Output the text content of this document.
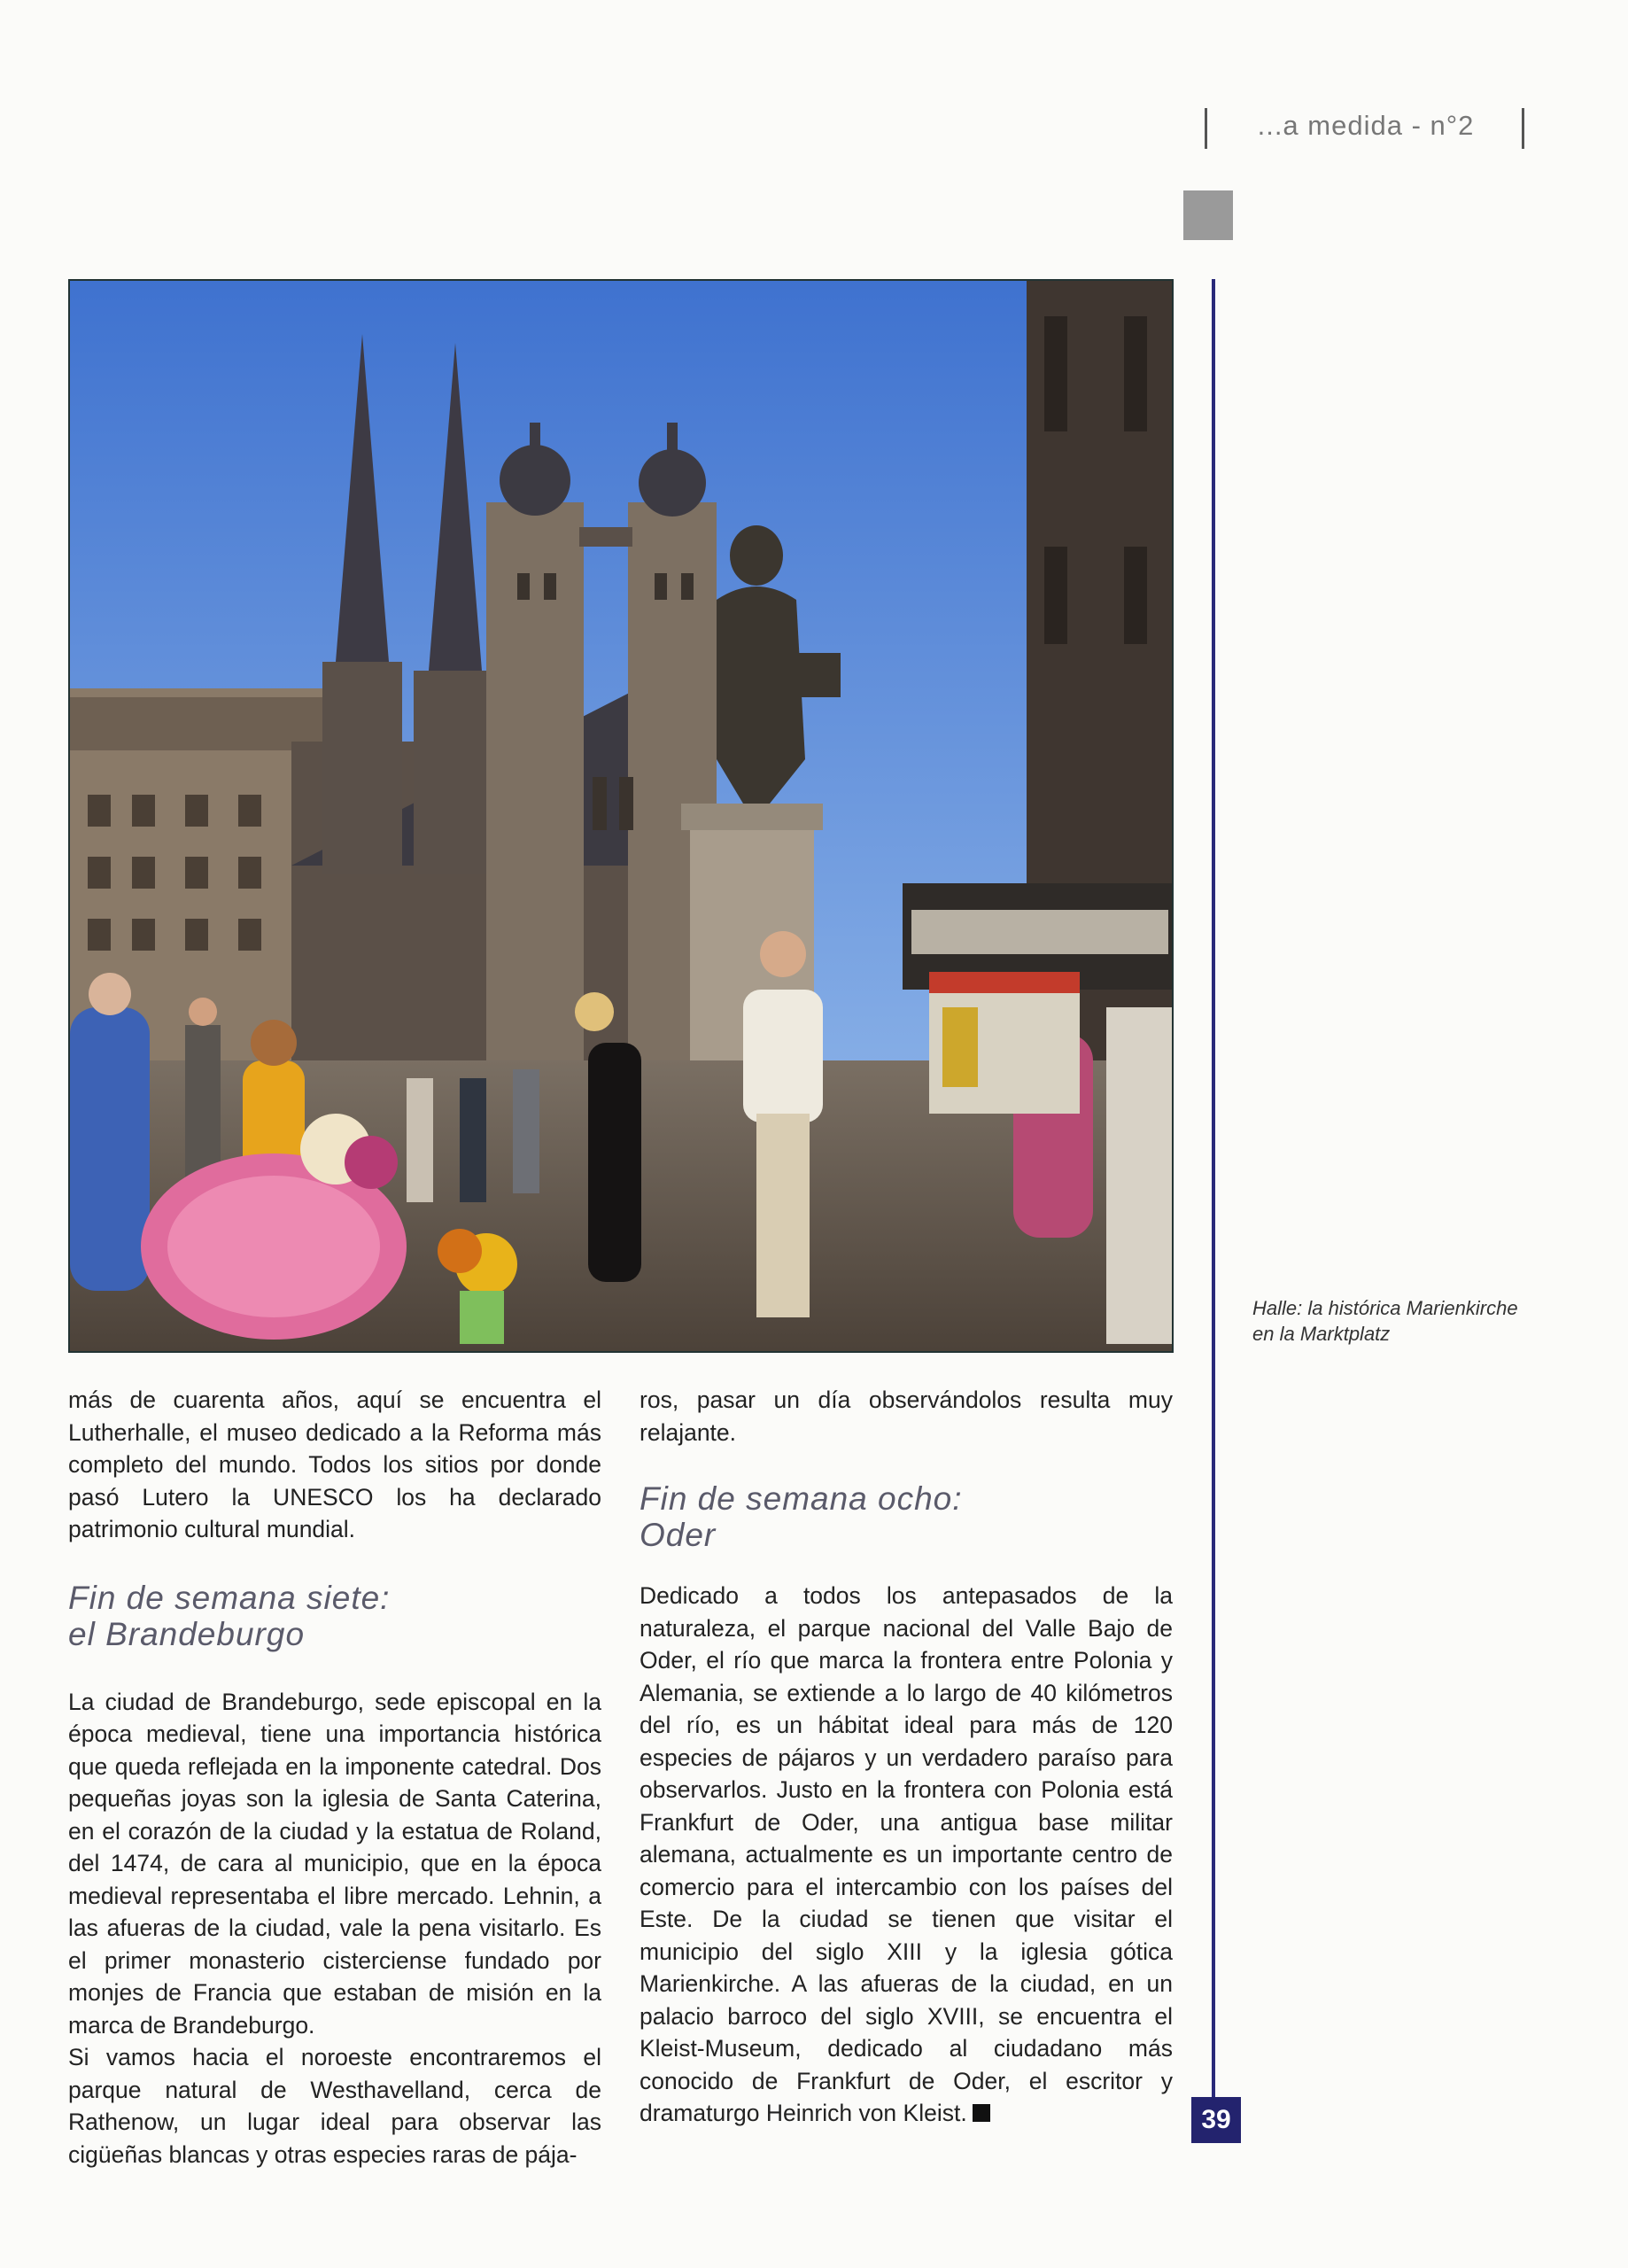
...a medida - n°2
39
Halle: la histórica Marienkirche
en la Marktplatz

más de cuarenta años, aquí se encuentra el Lutherhalle, el museo dedicado a la Reforma más completo del mundo. Todos los sitios por donde pasó Lutero la UNESCO los ha declarado patrimonio cultural mundial.

Fin de semana siete:
el Brandeburgo

La ciudad de Brandeburgo, sede episcopal en la época medieval, tiene una importancia histórica que queda reflejada en la imponente catedral. Dos pequeñas joyas son la iglesia de Santa Caterina, en el corazón de la ciudad y la estatua de Roland, del 1474, de cara al municipio, que en la época medieval representaba el libre mercado. Lehnin, a las afueras de la ciudad, vale la pena visitarlo. Es el primer monasterio cisterciense fundado por monjes de Francia que estaban de misión en la marca de Brandeburgo.

Si vamos hacia el noroeste encontraremos el parque natural de Westhavelland, cerca de Rathenow, un lugar ideal para observar las cigüeñas blancas y otras especies raras de pája-

ros, pasar un día observándolos resulta muy relajante.

Fin de semana ocho:
Oder

Dedicado a todos los antepasados de la naturaleza, el parque nacional del Valle Bajo de Oder, el río que marca la frontera entre Polonia y Alemania, se extiende a lo largo de 40 kilómetros del río, es un hábitat ideal para más de 120 especies de pájaros y un verdadero paraíso para observarlos. Justo en la frontera con Polonia está Frankfurt de Oder, una antigua base militar alemana, actualmente es un importante centro de comercio para el intercambio con los países del Este. De la ciudad se tienen que visitar el municipio del siglo XIII y la iglesia gótica Marienkirche. A las afueras de la ciudad, en un palacio barroco del siglo XVIII, se encuentra el Kleist-Museum, dedicado al ciudadano más conocido de Frankfurt de Oder, el escritor y dramaturgo Heinrich von Kleist.
